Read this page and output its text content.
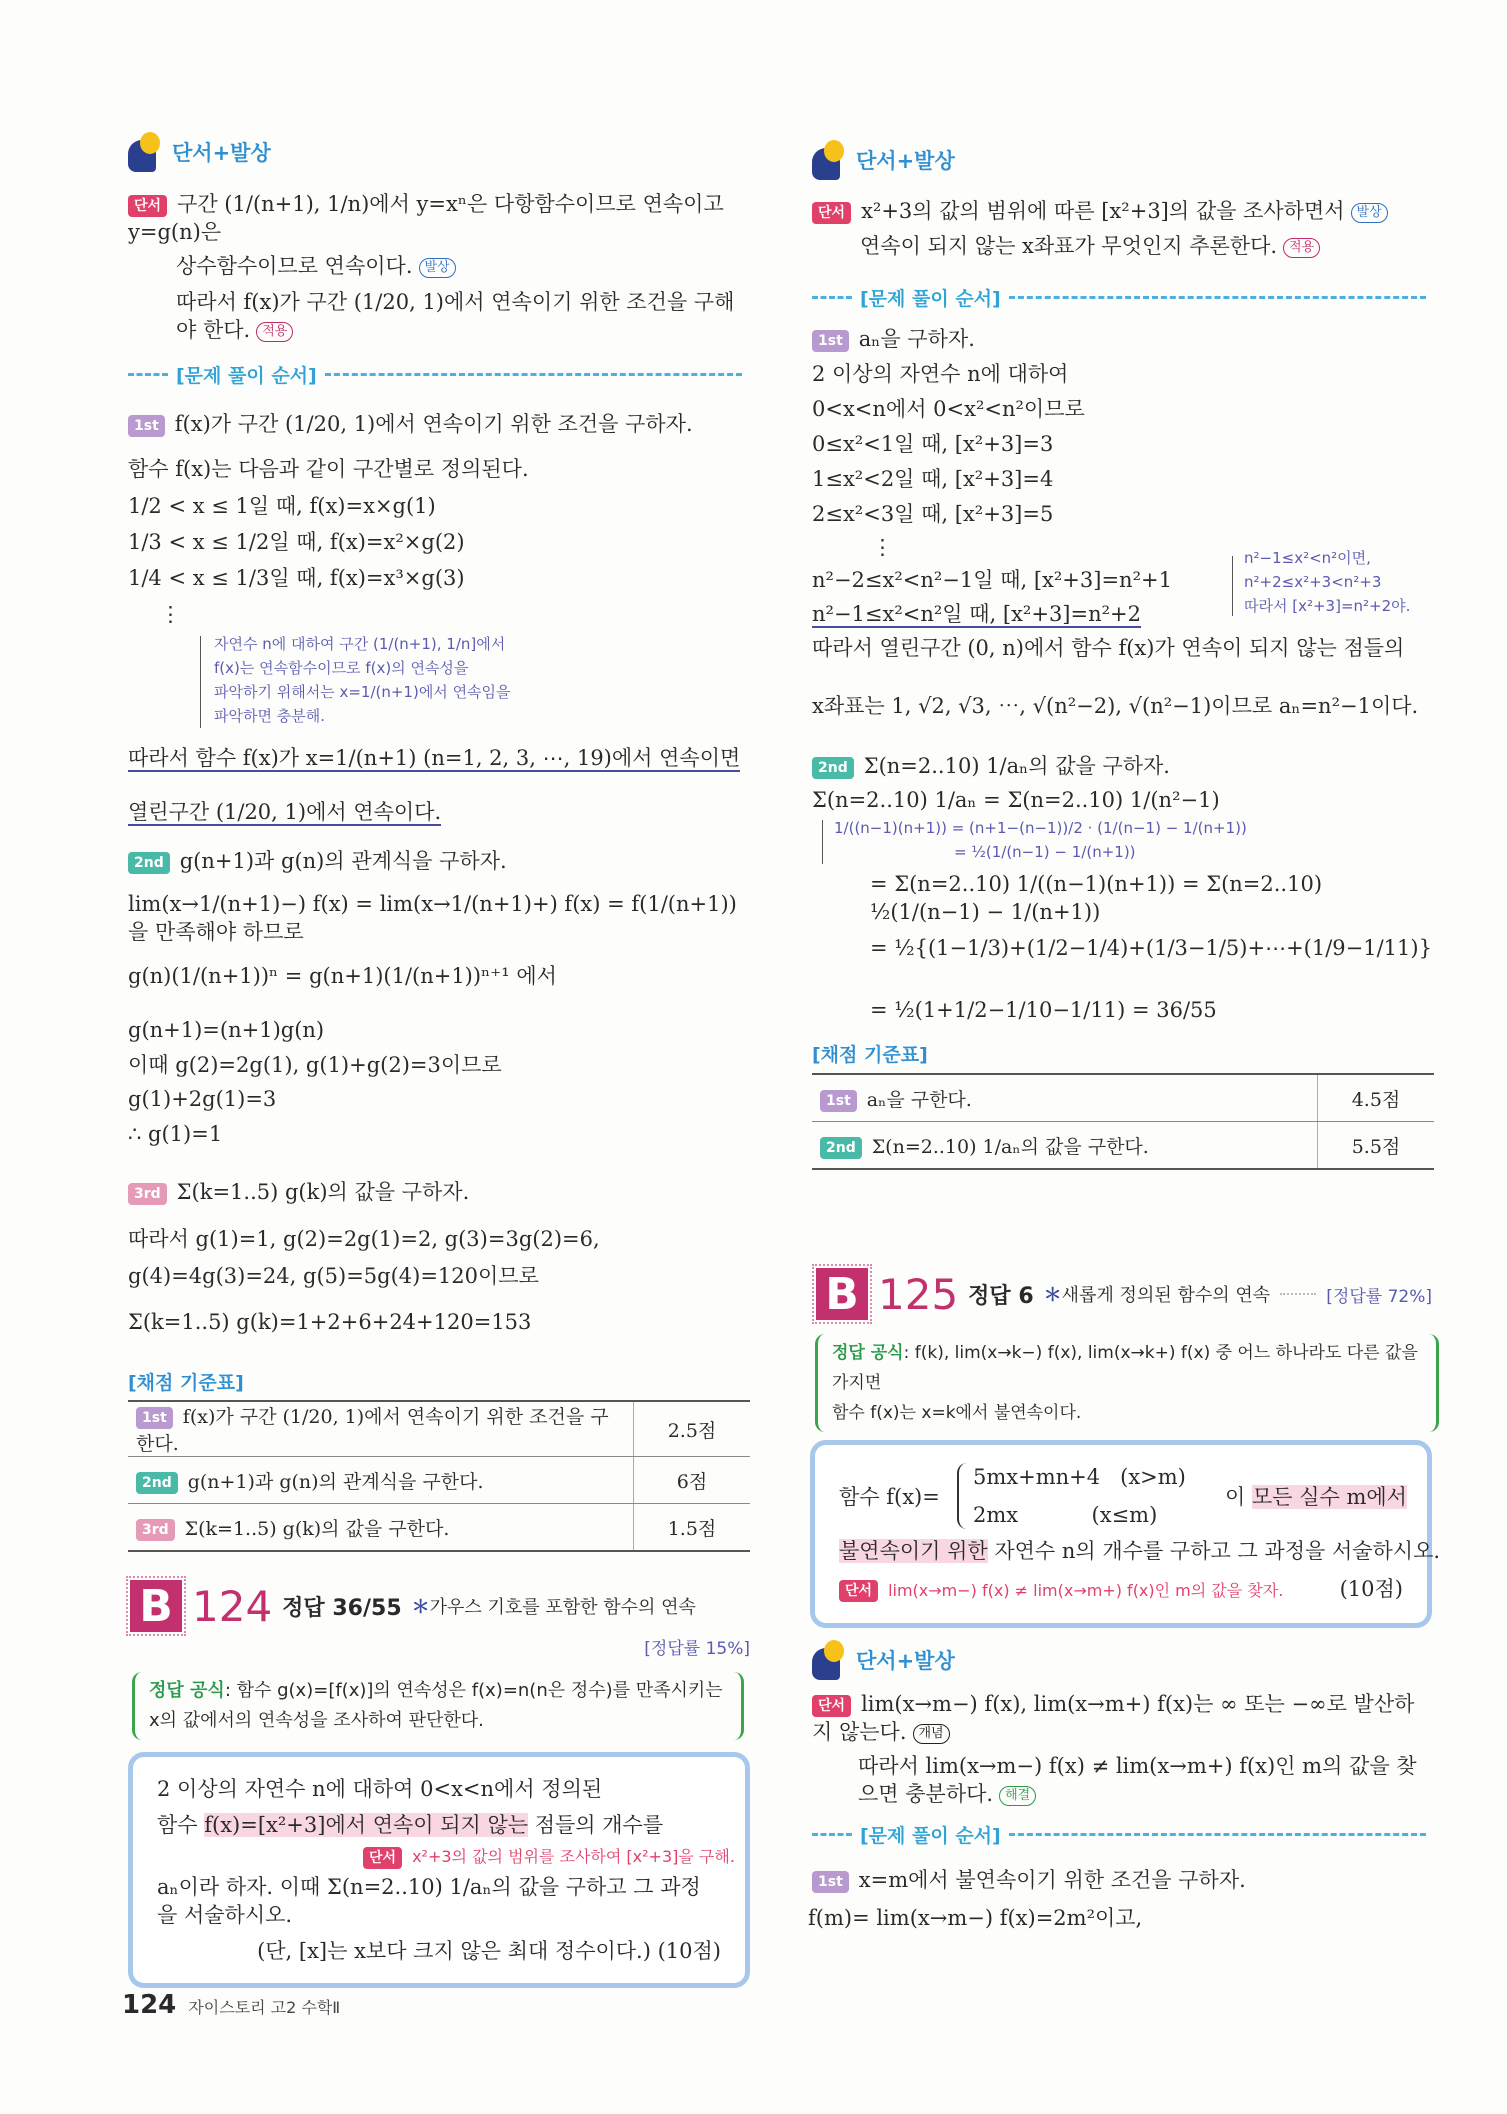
단서+발상
단서 구간 (1/(n+1), 1/n)에서 y=xⁿ은 다항함수이므로 연속이고 y=g(n)은
상수함수이므로 연속이다. 발상
따라서 f(x)가 구간 (1/20, 1)에서 연속이기 위한 조건을 구해야 한다. 적용
[문제 풀이 순서]
1st f(x)가 구간 (1/20, 1)에서 연속이기 위한 조건을 구하자.
함수 f(x)는 다음과 같이 구간별로 정의된다.
1/2 < x ≤ 1일 때, f(x)=x×g(1)
1/3 < x ≤ 1/2일 때, f(x)=x²×g(2)
1/4 < x ≤ 1/3일 때, f(x)=x³×g(3)
⋮
자연수 n에 대하여 구간 (1/(n+1), 1/n]에서
f(x)는 연속함수이므로 f(x)의 연속성을
파악하기 위해서는 x=1/(n+1)에서 연속임을
파악하면 충분해.
따라서 함수 f(x)가 x=1/(n+1) (n=1, 2, 3, ⋯, 19)에서 연속이면
열린구간 (1/20, 1)에서 연속이다.
2nd g(n+1)과 g(n)의 관계식을 구하자.
lim(x→1/(n+1)−) f(x) = lim(x→1/(n+1)+) f(x) = f(1/(n+1))을 만족해야 하므로
g(n)(1/(n+1))ⁿ = g(n+1)(1/(n+1))ⁿ⁺¹ 에서
g(n+1)=(n+1)g(n)
이때 g(2)=2g(1), g(1)+g(2)=3이므로
g(1)+2g(1)=3
∴ g(1)=1
3rd Σ(k=1..5) g(k)의 값을 구하자.
따라서 g(1)=1, g(2)=2g(1)=2, g(3)=3g(2)=6,
g(4)=4g(3)=24, g(5)=5g(4)=120이므로
Σ(k=1..5) g(k)=1+2+6+24+120=153
[채점 기준표]
1st f(x)가 구간 (1/20, 1)에서 연속이기 위한 조건을 구한다.	2.5점
2nd g(n+1)과 g(n)의 관계식을 구한다.	6점
3rd Σ(k=1..5) g(k)의 값을 구한다.	1.5점
B 124 정답 36/55 ＊가우스 기호를 포함한 함수의 연속
[정답률 15%]
정답 공식: 함수 g(x)=[f(x)]의 연속성은 f(x)=n(n은 정수)를 만족시키는
x의 값에서의 연속성을 조사하여 판단한다.
2 이상의 자연수 n에 대하여 0<x<n에서 정의된
함수 f(x)=[x²+3]에서 연속이 되지 않는 점들의 개수를
단서 x²+3의 값의 범위를 조사하여 [x²+3]을 구해.
aₙ이라 하자. 이때 Σ(n=2..10) 1/aₙ의 값을 구하고 그 과정을 서술하시오.
(단, [x]는 x보다 크지 않은 최대 정수이다.) (10점)
124 자이스토리 고2 수학Ⅱ
단서+발상
단서 x²+3의 값의 범위에 따른 [x²+3]의 값을 조사하면서 발상
연속이 되지 않는 x좌표가 무엇인지 추론한다. 적용
[문제 풀이 순서]
1st aₙ을 구하자.
2 이상의 자연수 n에 대하여
0<x<n에서 0<x²<n²이므로
0≤x²<1일 때, [x²+3]=3
1≤x²<2일 때, [x²+3]=4
2≤x²<3일 때, [x²+3]=5
⋮
n²−2≤x²<n²−1일 때, [x²+3]=n²+1
n²−1≤x²<n²일 때, [x²+3]=n²+2
n²−1≤x²<n²이면,
n²+2≤x²+3<n²+3
따라서 [x²+3]=n²+2야.
따라서 열린구간 (0, n)에서 함수 f(x)가 연속이 되지 않는 점들의
x좌표는 1, √2, √3, ⋯, √(n²−2), √(n²−1)이므로 aₙ=n²−1이다.
2nd Σ(n=2..10) 1/aₙ의 값을 구하자.
Σ(n=2..10) 1/aₙ = Σ(n=2..10) 1/(n²−1)
1/((n−1)(n+1)) = (n+1−(n−1))/2 · (1/(n−1) − 1/(n+1))
= ½(1/(n−1) − 1/(n+1))
= Σ(n=2..10) 1/((n−1)(n+1)) = Σ(n=2..10) ½(1/(n−1) − 1/(n+1))
= ½{(1−1/3)+(1/2−1/4)+(1/3−1/5)+⋯+(1/9−1/11)}
= ½(1+1/2−1/10−1/11) = 36/55
[채점 기준표]
1st aₙ을 구한다.	4.5점
2nd Σ(n=2..10) 1/aₙ의 값을 구한다.	5.5점
B 125 정답 6 ＊새롭게 정의된 함수의 연속	[정답률 72%]
정답 공식: f(k), lim(x→k−) f(x), lim(x→k+) f(x) 중 어느 하나라도 다른 값을 가지면
함수 f(x)는 x=k에서 불연속이다.
함수 f(x)=
5mx+mn+4   (x>m)
2mx           (x≤m)
이 모든 실수 m에서
불연속이기 위한 자연수 n의 개수를 구하고 그 과정을 서술하시오.
단서 lim(x→m−) f(x) ≠ lim(x→m+) f(x)인 m의 값을 찾자.	(10점)
단서+발상
단서 lim(x→m−) f(x), lim(x→m+) f(x)는 ∞ 또는 −∞로 발산하지 않는다. 개념
따라서 lim(x→m−) f(x) ≠ lim(x→m+) f(x)인 m의 값을 찾으면 충분하다. 해결
[문제 풀이 순서]
1st x=m에서 불연속이기 위한 조건을 구하자.
f(m)= lim(x→m−) f(x)=2m²이고,
